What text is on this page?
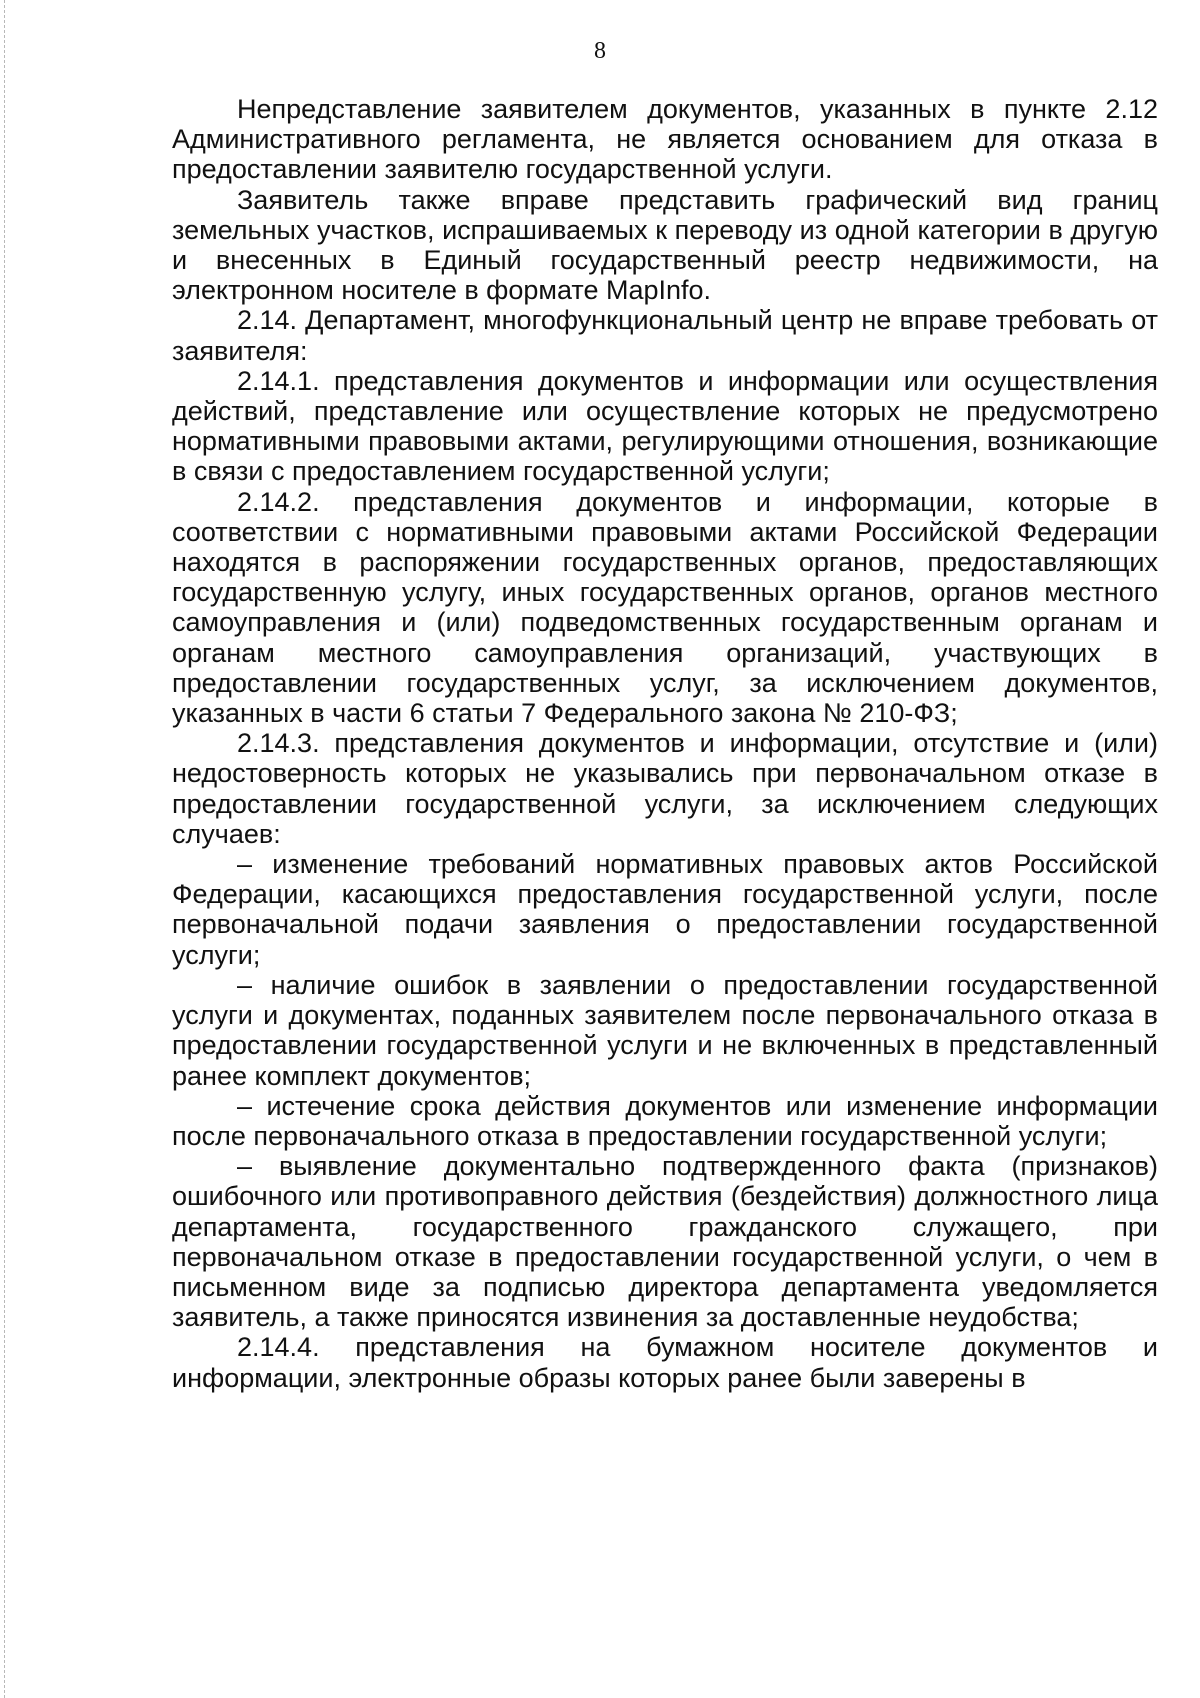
8

Непредставление заявителем документов, указанных в пункте 2.12 Административного регламента, не является основанием для отказа в предоставлении заявителю государственной услуги.

Заявитель также вправе представить графический вид границ земельных участков, испрашиваемых к переводу из одной категории в другую и внесенных в Единый государственный реестр недвижимости, на электронном носителе в формате MapInfo.

2.14. Департамент, многофункциональный центр не вправе требовать от заявителя:

2.14.1. представления документов и информации или осуществления действий, представление или осуществление которых не предусмотрено нормативными правовыми актами, регулирующими отношения, возникающие в связи с предоставлением государственной услуги;

2.14.2. представления документов и информации, которые в соответствии с нормативными правовыми актами Российской Федерации находятся в распоряжении государственных органов, предоставляющих государственную услугу, иных государственных органов, органов местного самоуправления и (или) подведомственных государственным органам и органам местного самоуправления организаций, участвующих в предоставлении государственных услуг, за исключением документов, указанных в части 6 статьи 7 Федерального закона № 210-ФЗ;

2.14.3. представления документов и информации, отсутствие и (или) недостоверность которых не указывались при первоначальном отказе в предоставлении государственной услуги, за исключением следующих случаев:

– изменение требований нормативных правовых актов Российской Федерации, касающихся предоставления государственной услуги, после первоначальной подачи заявления о предоставлении государственной услуги;

– наличие ошибок в заявлении о предоставлении государственной услуги и документах, поданных заявителем после первоначального отказа в предоставлении государственной услуги и не включенных в представленный ранее комплект документов;

– истечение срока действия документов или изменение информации после первоначального отказа в предоставлении государственной услуги;

– выявление документально подтвержденного факта (признаков) ошибочного или противоправного действия (бездействия) должностного лица департамента, государственного гражданского служащего, при первоначальном отказе в предоставлении государственной услуги, о чем в письменном виде за подписью директора департамента уведомляется заявитель, а также приносятся извинения за доставленные неудобства;

2.14.4. представления на бумажном носителе документов и информации, электронные образы которых ранее были заверены в
